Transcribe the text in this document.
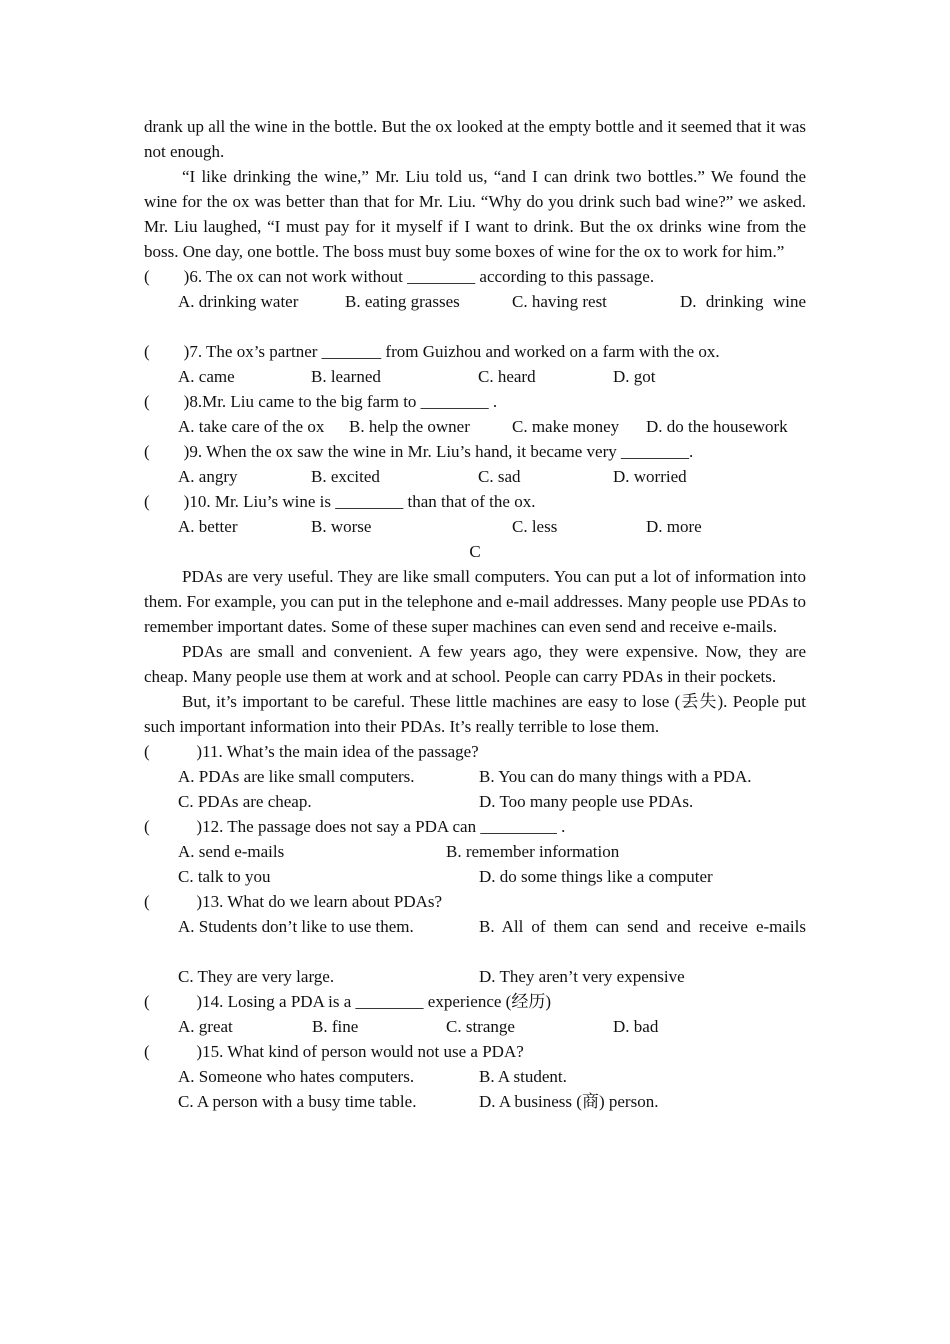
drank up all the wine in the bottle. But the ox looked at the empty bottle and it seemed that it was not enough.

“I like drinking the wine,” Mr. Liu told us, “and I can drink two bottles.” We found the wine for the ox was better than that for Mr. Liu. “Why do you drink such bad wine?” we asked. Mr. Liu laughed, “I must pay for it myself if I want to drink. But the ox drinks wine from the boss. One day, one bottle. The boss must buy some boxes of wine for the ox to work for him.”

(        )6. The ox can not work without ________ according to this passage.

A. drinking water	B. eating grasses	C. having rest	D. drinking wine

(        )7. The ox’s partner _______ from Guizhou and worked on a farm with the ox.

A. came	B. learned	C. heard	D. got

(        )8.Mr. Liu came to the big farm to ________ .

A. take care of the ox B. help the owner C. make money D. do the housework

(        )9. When the ox saw the wine in Mr. Liu’s hand, it became very ________.

A. angry	B. excited	C. sad	D. worried

(        )10. Mr. Liu’s wine is ________ than that of the ox.

A. better	B. worse	C. less	D. more

C

PDAs are very useful. They are like small computers. You can put a lot of information into them. For example, you can put in the telephone and e-mail addresses. Many people use PDAs to remember important dates. Some of these super machines can even send and receive e-mails.

PDAs are small and convenient. A few years ago, they were expensive. Now, they are cheap. Many people use them at work and at school. People can carry PDAs in their pockets.

But, it’s important to be careful. These little machines are easy to lose (丢失). People put such important information into their PDAs. It’s really terrible to lose them.

(           )11. What’s the main idea of the passage?

A. PDAs are like small computers.	B. You can do many things with a PDA.

C. PDAs are cheap.	D. Too many people use PDAs.

(           )12. The passage does not say a PDA can _________ .

A. send e-mails	B. remember information

C. talk to you	D. do some things like a computer

(           )13. What do we learn about PDAs?

A. Students don’t like to use them.	B. All of them can send and receive e-mails

C. They are very large.	D. They aren’t very expensive

(           )14. Losing a PDA is a ________ experience (经历)

A. great	B. fine	C. strange	D. bad

(           )15. What kind of person would not use a PDA?

A. Someone who hates computers.	B. A student.

C. A person with a busy time table.	D. A business (商) person.
